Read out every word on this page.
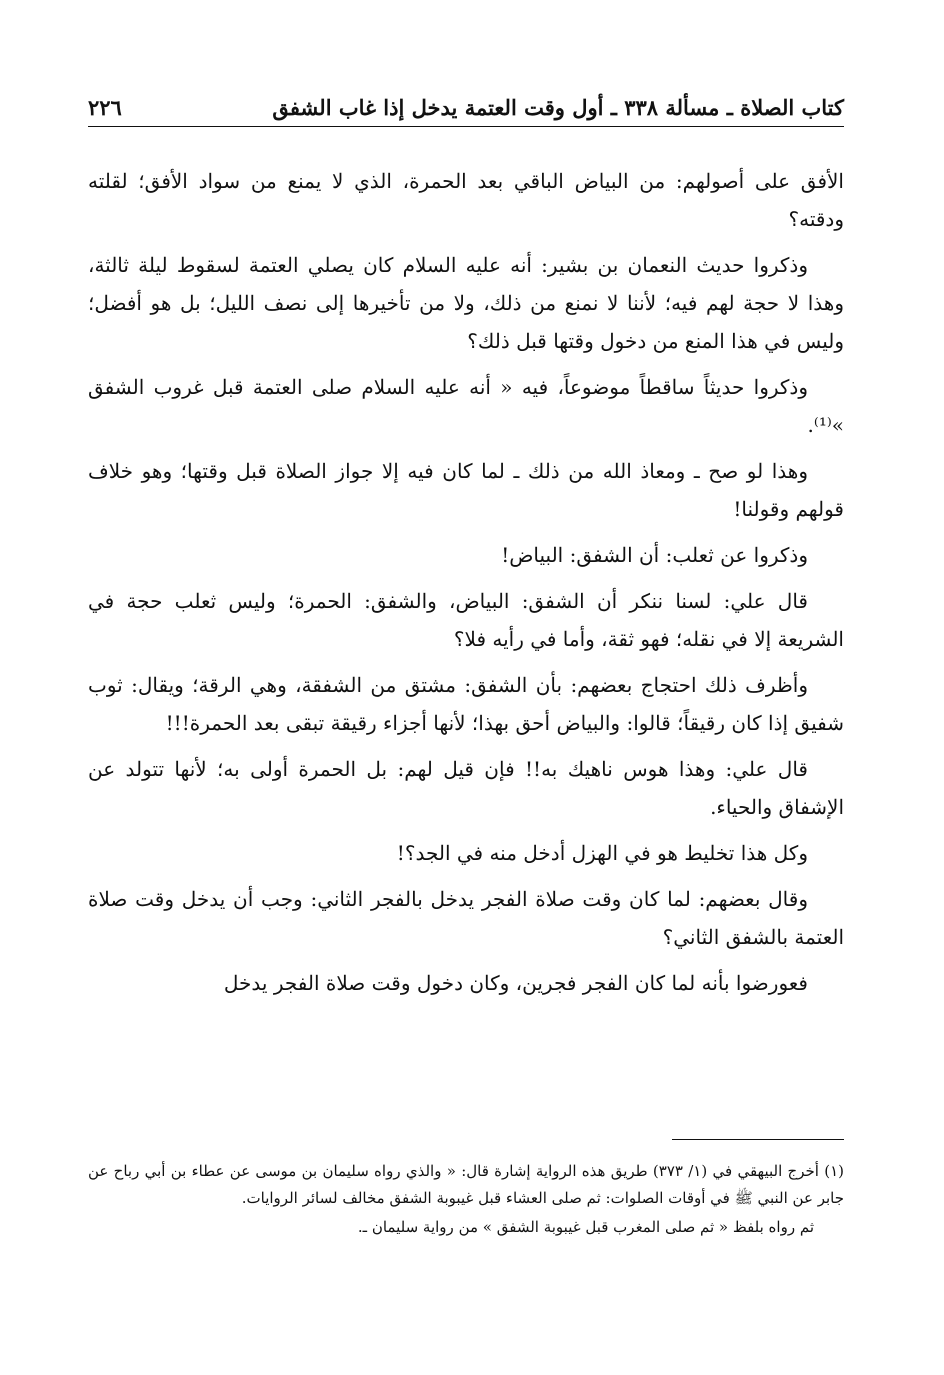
كتاب الصلاة ـ مسألة ٣٣٨ ـ أول وقت العتمة يدخل إذا غاب الشفق
٢٢٦

الأفق على أصولهم: من البياض الباقي بعد الحمرة، الذي لا يمنع من سواد الأفق؛ لقلته ودقته؟

وذكروا حديث النعمان بن بشير: أنه عليه السلام كان يصلي العتمة لسقوط ليلة ثالثة، وهذا لا حجة لهم فيه؛ لأننا لا نمنع من ذلك، ولا من تأخيرها إلى نصف الليل؛ بل هو أفضل؛ وليس في هذا المنع من دخول وقتها قبل ذلك؟

وذكروا حديثاً ساقطاً موضوعاً، فيه « أنه عليه السلام صلى العتمة قبل غروب الشفق »⁽¹⁾.

وهذا لو صح ـ ومعاذ الله من ذلك ـ لما كان فيه إلا جواز الصلاة قبل وقتها؛ وهو خلاف قولهم وقولنا!

وذكروا عن ثعلب: أن الشفق: البياض!

قال علي: لسنا ننكر أن الشفق: البياض، والشفق: الحمرة؛ وليس ثعلب حجة في الشريعة إلا في نقله؛ فهو ثقة، وأما في رأيه فلا؟

وأظرف ذلك احتجاج بعضهم: بأن الشفق: مشتق من الشفقة، وهي الرقة؛ ويقال: ثوب شفيق إذا كان رقيقاً؛ قالوا: والبياض أحق بهذا؛ لأنها أجزاء رقيقة تبقى بعد الحمرة!!!

قال علي: وهذا هوس ناهيك به!! فإن قيل لهم: بل الحمرة أولى به؛ لأنها تتولد عن الإشفاق والحياء.

وكل هذا تخليط هو في الهزل أدخل منه في الجد؟!

وقال بعضهم: لما كان وقت صلاة الفجر يدخل بالفجر الثاني: وجب أن يدخل وقت صلاة العتمة بالشفق الثاني؟

فعورضوا بأنه لما كان الفجر فجرين، وكان دخول وقت صلاة الفجر يدخل

(١) أخرج البيهقي في (١/ ٣٧٣) طريق هذه الرواية إشارة قال: « والذي رواه سليمان بن موسى عن عطاء بن أبي رباح عن جابر عن النبي ﷺ في أوقات الصلوات: ثم صلى العشاء قبل غيبوبة الشفق مخالف لسائر الروايات.

ثم رواه بلفظ « ثم صلى المغرب قبل غيبوبة الشفق » من رواية سليمان ـ.
